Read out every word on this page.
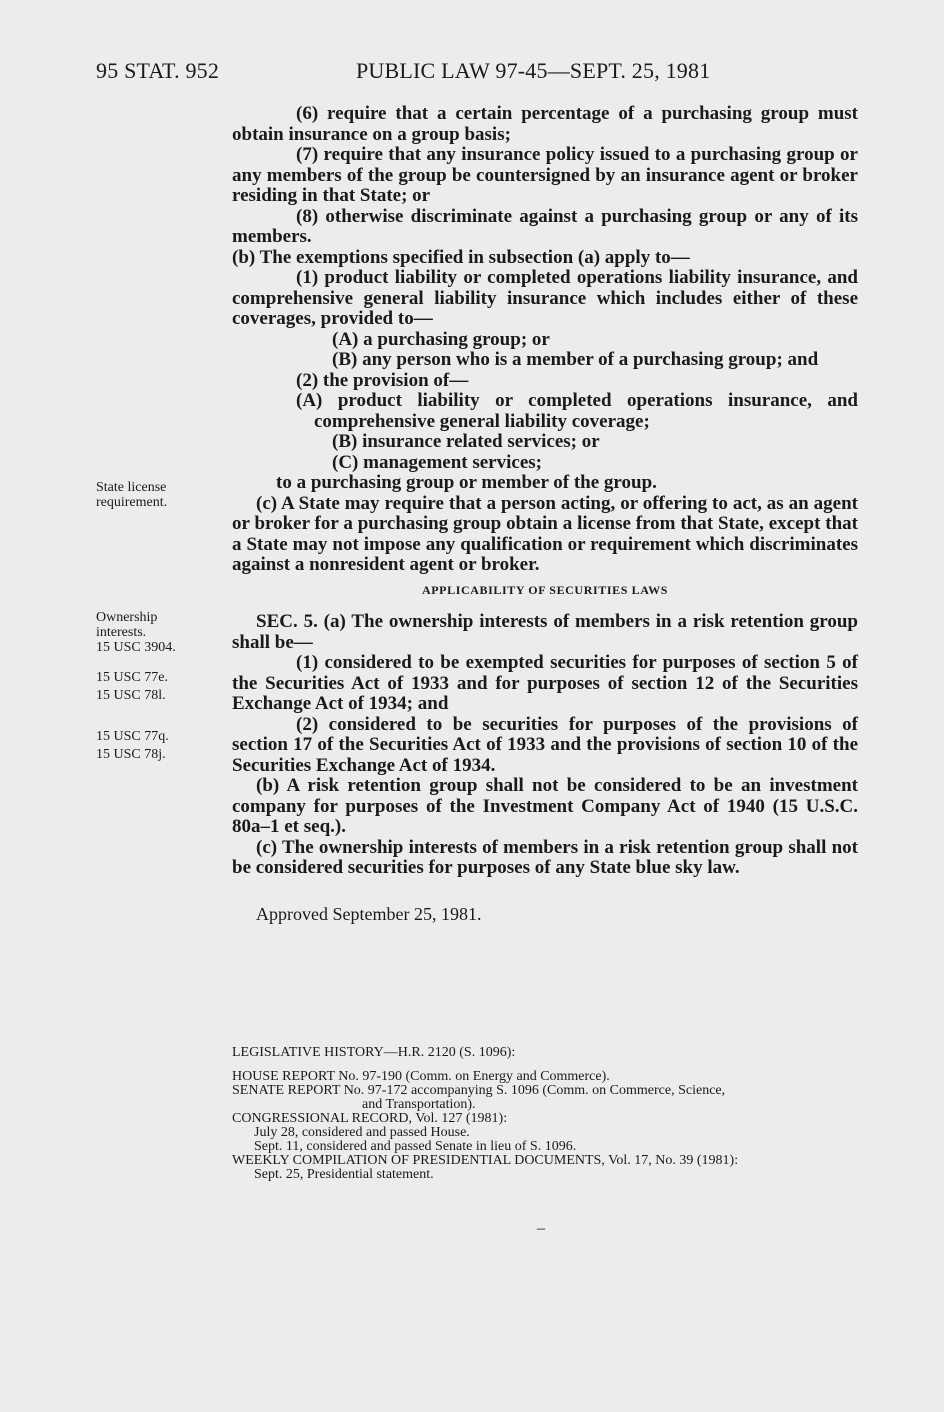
95 STAT. 952	PUBLIC LAW 97-45—SEPT. 25, 1981

(6) require that a certain percentage of a purchasing group must obtain insurance on a group basis;

(7) require that any insurance policy issued to a purchasing group or any members of the group be countersigned by an insurance agent or broker residing in that State; or

(8) otherwise discriminate against a purchasing group or any of its members.

(b) The exemptions specified in subsection (a) apply to—

(1) product liability or completed operations liability insurance, and comprehensive general liability insurance which includes either of these coverages, provided to—

(A) a purchasing group; or

(B) any person who is a member of a purchasing group; and

(2) the provision of—

(A) product liability or completed operations insurance, and comprehensive general liability coverage;

(B) insurance related services; or

(C) management services;

to a purchasing group or member of the group.

(c) A State may require that a person acting, or offering to act, as an agent or broker for a purchasing group obtain a license from that State, except that a State may not impose any qualification or requirement which discriminates against a nonresident agent or broker.

APPLICABILITY OF SECURITIES LAWS

SEC. 5. (a) The ownership interests of members in a risk retention group shall be—

(1) considered to be exempted securities for purposes of section 5 of the Securities Act of 1933 and for purposes of section 12 of the Securities Exchange Act of 1934; and

(2) considered to be securities for purposes of the provisions of section 17 of the Securities Act of 1933 and the provisions of section 10 of the Securities Exchange Act of 1934.

(b) A risk retention group shall not be considered to be an investment company for purposes of the Investment Company Act of 1940 (15 U.S.C. 80a–1 et seq.).

(c) The ownership interests of members in a risk retention group shall not be considered securities for purposes of any State blue sky law.

State license requirement.
Ownership interests.
15 USC 3904.
15 USC 77e.
15 USC 78l.
15 USC 77q.
15 USC 78j.
Approved September 25, 1981.

LEGISLATIVE HISTORY—H.R. 2120 (S. 1096):

HOUSE REPORT No. 97-190 (Comm. on Energy and Commerce).

SENATE REPORT No. 97-172 accompanying S. 1096 (Comm. on Commerce, Science,

and Transportation).

CONGRESSIONAL RECORD, Vol. 127 (1981):

July 28, considered and passed House.

Sept. 11, considered and passed Senate in lieu of S. 1096.

WEEKLY COMPILATION OF PRESIDENTIAL DOCUMENTS, Vol. 17, No. 39 (1981):

Sept. 25, Presidential statement.

–
